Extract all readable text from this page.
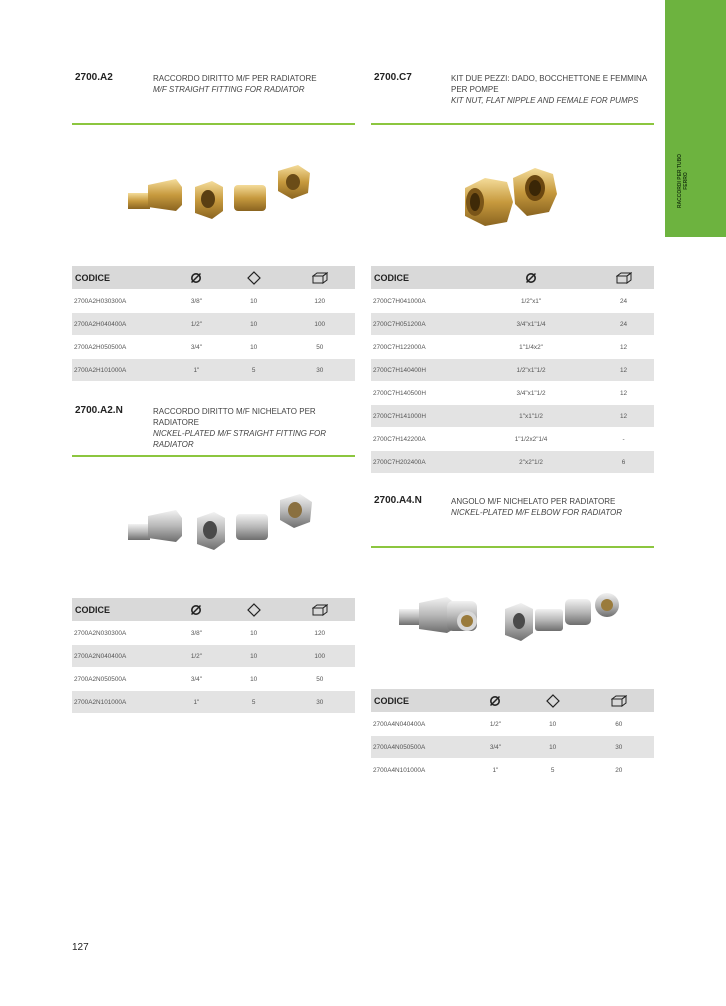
RACCORDI PER TUBO FERRO
2700.A2	RACCORDO DIRITTO M/F PER RADIATORE
M/F STRAIGHT FITTING FOR RADIATOR
CODICE			
2700A2H030300A	3/8"	10	120
2700A2H040400A	1/2"	10	100
2700A2H050500A	3/4"	10	50
2700A2H101000A	1"	5	30
2700.A2.N	RACCORDO DIRITTO M/F NICHELATO PER RADIATORE
NICKEL-PLATED M/F STRAIGHT FITTING FOR RADIATOR
CODICE			
2700A2N030300A	3/8"	10	120
2700A2N040400A	1/2"	10	100
2700A2N050500A	3/4"	10	50
2700A2N101000A	1"	5	30
2700.C7	KIT DUE PEZZI: DADO, BOCCHETTONE E FEMMINA PER POMPE
KIT NUT, FLAT NIPPLE AND FEMALE FOR PUMPS
CODICE		
2700C7H041000A	1/2"x1"	24
2700C7H051200A	3/4"x1"1/4	24
2700C7H122000A	1"1/4x2"	12
2700C7H140400H	1/2"x1"1/2	12
2700C7H140500H	3/4"x1"1/2	12
2700C7H141000H	1"x1"1/2	12
2700C7H142200A	1"1/2x2"1/4	-
2700C7H202400A	2"x2"1/2	6
2700.A4.N	ANGOLO M/F NICHELATO PER RADIATORE
NICKEL-PLATED M/F ELBOW FOR RADIATOR
CODICE			
2700A4N040400A	1/2"	10	60
2700A4N050500A	3/4"	10	30
2700A4N101000A	1"	5	20
127
